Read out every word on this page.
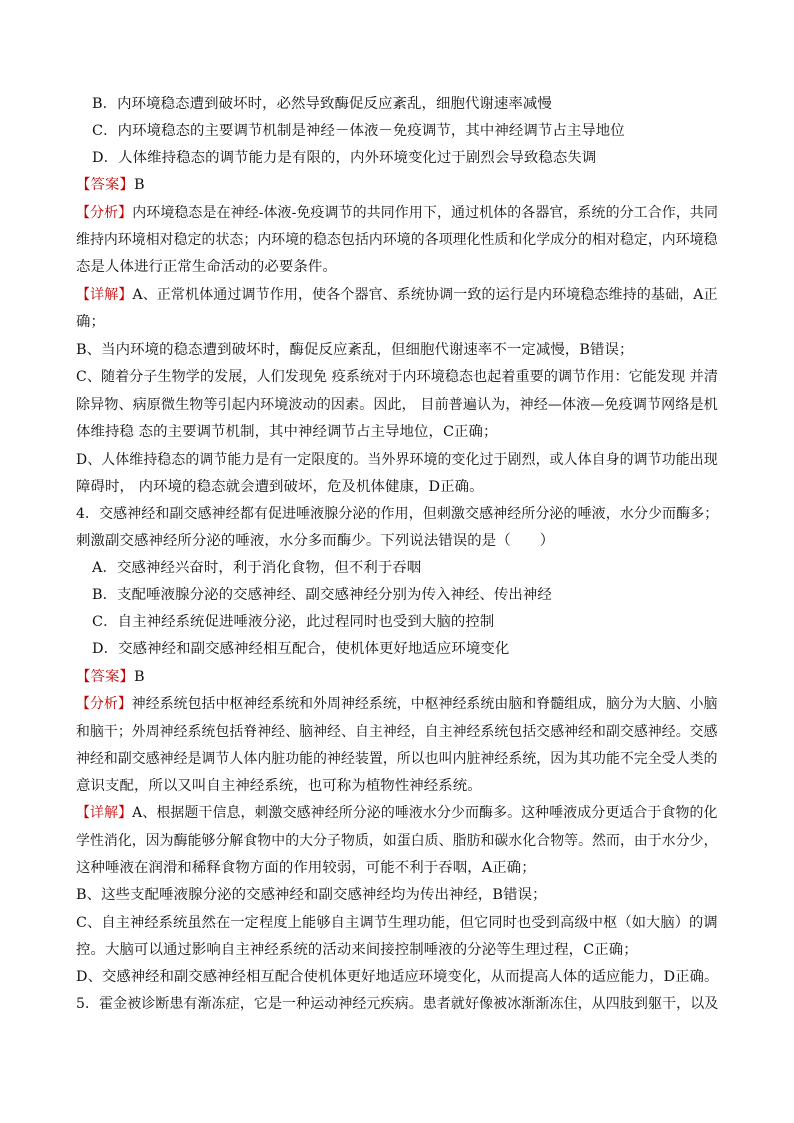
B．内环境稳态遭到破坏时，必然导致酶促反应紊乱，细胞代谢速率减慢
C．内环境稳态的主要调节机制是神经－体液－免疫调节，其中神经调节占主导地位
D．人体维持稳态的调节能力是有限的，内外环境变化过于剧烈会导致稳态失调
【答案】B
【分析】内环境稳态是在神经-体液-免疫调节的共同作用下，通过机体的各器官，系统的分工合作，共同
维持内环境相对稳定的状态；内环境的稳态包括内环境的各项理化性质和化学成分的相对稳定，内环境稳
态是人体进行正常生命活动的必要条件。
【详解】A、正常机体通过调节作用，使各个器官、系统协调一致的运行是内环境稳态维持的基础，A正
确；
B、当内环境的稳态遭到破坏时，酶促反应紊乱，但细胞代谢速率不一定减慢，B错误；
C、随着分子生物学的发展，人们发现免 疫系统对于内环境稳态也起着重要的调节作用：它能发现 并清
除异物、病原微生物等引起内环境波动的因素。因此， 目前普遍认为，神经—体液—免疫调节网络是机
体维持稳 态的主要调节机制，其中神经调节占主导地位，C正确；
D、人体维持稳态的调节能力是有一定限度的。当外界环境的变化过于剧烈，或人体自身的调节功能出现
障碍时， 内环境的稳态就会遭到破坏，危及机体健康，D正确。
4．交感神经和副交感神经都有促进唾液腺分泌的作用，但刺激交感神经所分泌的唾液，水分少而酶多；
刺激副交感神经所分泌的唾液，水分多而酶少。下列说法错误的是（　　）
A．交感神经兴奋时，利于消化食物，但不利于吞咽
B．支配唾液腺分泌的交感神经、副交感神经分别为传入神经、传出神经
C．自主神经系统促进唾液分泌，此过程同时也受到大脑的控制
D．交感神经和副交感神经相互配合，使机体更好地适应环境变化
【答案】B
【分析】神经系统包括中枢神经系统和外周神经系统，中枢神经系统由脑和脊髓组成，脑分为大脑、小脑
和脑干；外周神经系统包括脊神经、脑神经、自主神经，自主神经系统包括交感神经和副交感神经。交感
神经和副交感神经是调节人体内脏功能的神经装置，所以也叫内脏神经系统，因为其功能不完全受人类的
意识支配，所以又叫自主神经系统，也可称为植物性神经系统。
【详解】A、根据题干信息，刺激交感神经所分泌的唾液水分少而酶多。这种唾液成分更适合于食物的化
学性消化，因为酶能够分解食物中的大分子物质，如蛋白质、脂肪和碳水化合物等。然而，由于水分少，
这种唾液在润滑和稀释食物方面的作用较弱，可能不利于吞咽，A正确；
B、这些支配唾液腺分泌的交感神经和副交感神经均为传出神经，B错误；
C、自主神经系统虽然在一定程度上能够自主调节生理功能，但它同时也受到高级中枢（如大脑）的调
控。大脑可以通过影响自主神经系统的活动来间接控制唾液的分泌等生理过程，C正确；
D、交感神经和副交感神经相互配合使机体更好地适应环境变化，从而提高人体的适应能力，D正确。
5．霍金被诊断患有渐冻症，它是一种运动神经元疾病。患者就好像被冰渐渐冻住，从四肢到躯干，以及
